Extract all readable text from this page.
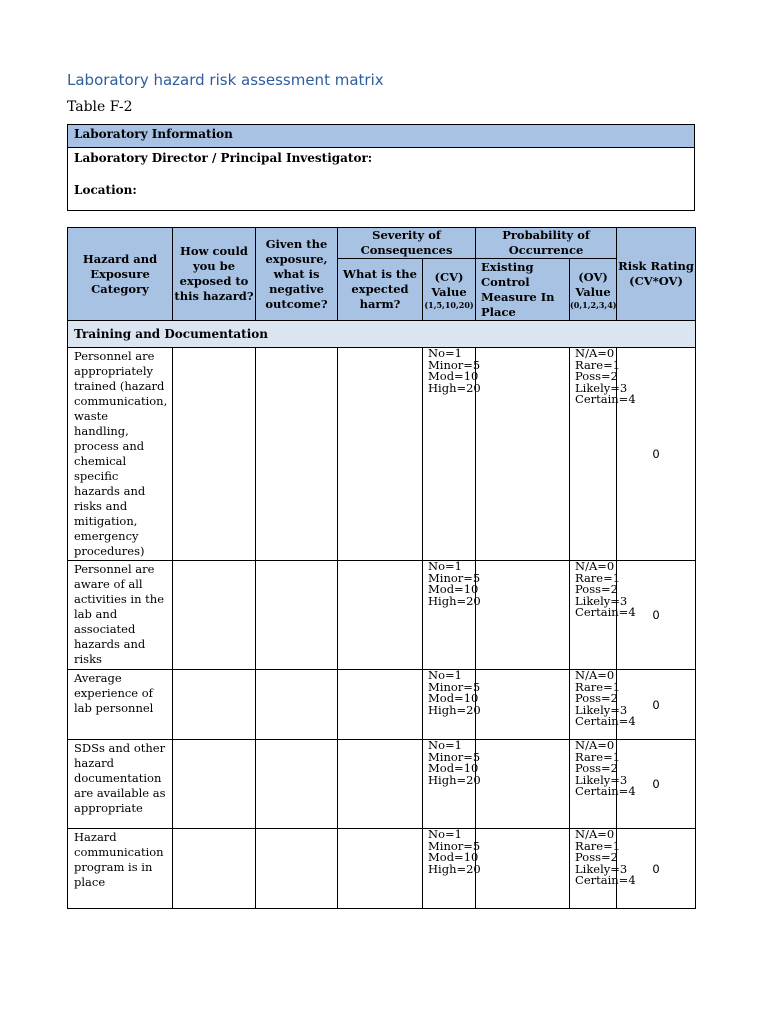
Laboratory hazard risk assessment matrix
Table F-2
Laboratory Information

Laboratory Director / Principal Investigator:
Location:
Hazard and Exposure Category	How could you be exposed to this hazard?	Given the exposure, what is negative outcome?	Severity of Consequences		Probability of Occurrence		Risk Rating (CV*OV)
			What is the expected harm?	(CV) Value
(1,5,10,20)	Existing Control Measure In Place	(OV) Value
(0,1,2,3,4)	

Training and Documentation							
Personnel are appropriately trained (hazard communication, waste handling, process and chemical specific hazards and risks and mitigation, emergency procedures)				No=1
Minor=5
Mod=10
High=20		N/A=0
Rare=1
Poss=2
Likely=3
Certain=4	0
Personnel are aware of all activities in the lab and associated hazards and risks				No=1
Minor=5
Mod=10
High=20		N/A=0
Rare=1
Poss=2
Likely=3
Certain=4	0
Average experience of lab personnel				No=1
Minor=5
Mod=10
High=20		N/A=0
Rare=1
Poss=2
Likely=3
Certain=4	0
SDSs and other hazard documentation are available as appropriate				No=1
Minor=5
Mod=10
High=20		N/A=0
Rare=1
Poss=2
Likely=3
Certain=4	0
Hazard communication program is in place				No=1
Minor=5
Mod=10
High=20		N/A=0
Rare=1
Poss=2
Likely=3
Certain=4	0
